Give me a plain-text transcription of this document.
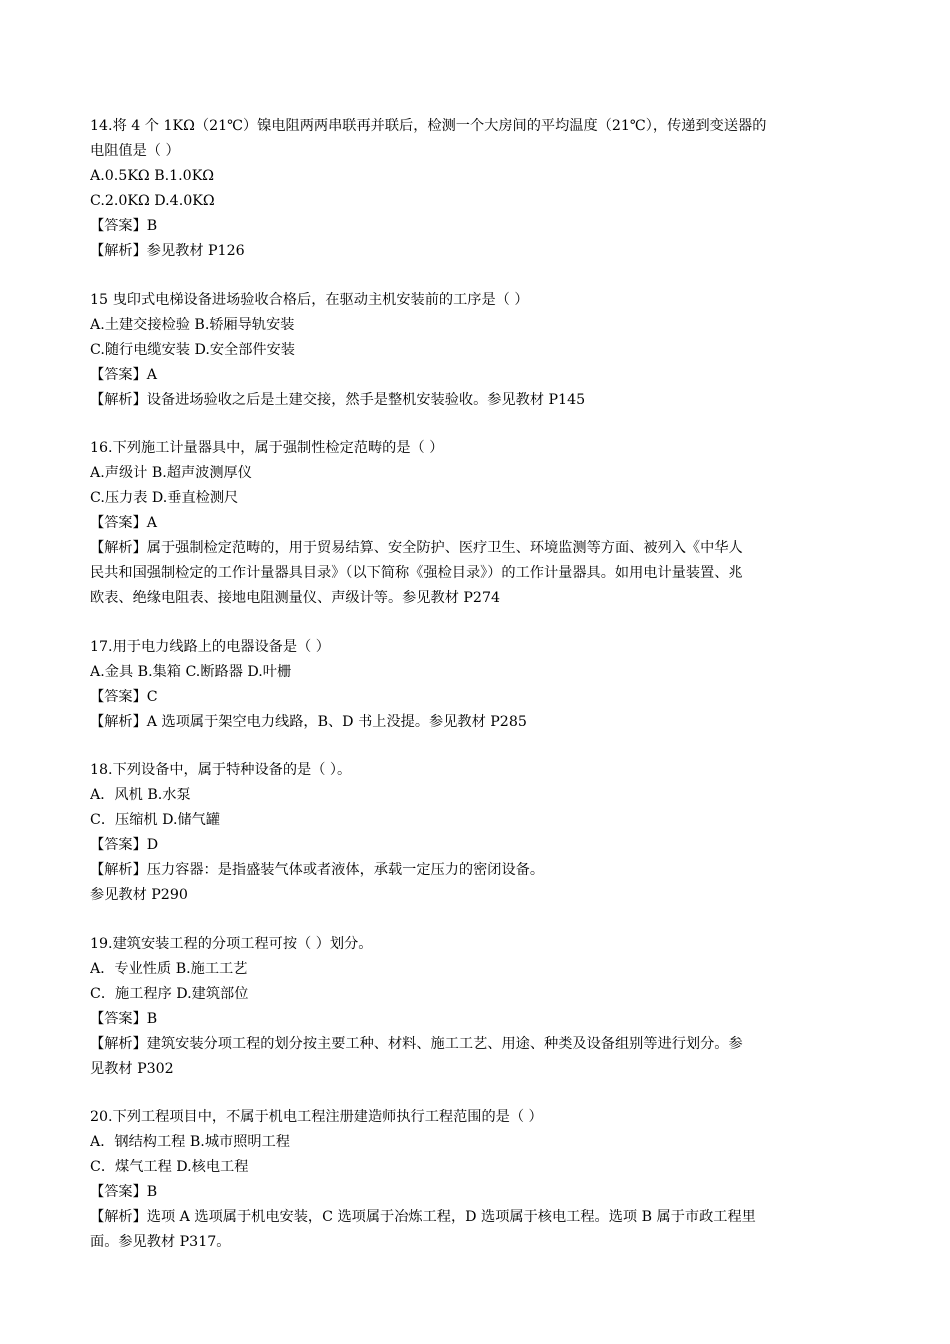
14.将 4 个 1KΩ（21℃）镍电阻两两串联再并联后，检测一个大房间的平均温度（21℃），传递到变送器的
电阻值是（ ）
A.0.5KΩ B.1.0KΩ
C.2.0KΩ D.4.0KΩ
【答案】B
【解析】参见教材 P126
15 曳印式电梯设备进场验收合格后，在驱动主机安装前的工序是（ ）
A.土建交接检验 B.轿厢导轨安装
C.随行电缆安装 D.安全部件安装
【答案】A
【解析】设备进场验收之后是土建交接，然手是整机安装验收。参见教材 P145
16.下列施工计量器具中，属于强制性检定范畴的是（ ）
A.声级计 B.超声波测厚仪
C.压力表 D.垂直检测尺
【答案】A
【解析】属于强制检定范畴的，用于贸易结算、安全防护、医疗卫生、环境监测等方面、被列入《中华人
民共和国强制检定的工作计量器具目录》（以下简称《强检目录》）的工作计量器具。如用电计量装置、兆
欧表、绝缘电阻表、接地电阻测量仪、声级计等。参见教材 P274
17.用于电力线路上的电器设备是（ ）
A.金具 B.集箱 C.断路器 D.叶栅
【答案】C
【解析】A 选项属于架空电力线路，B、D 书上没提。参见教材 P285
18.下列设备中，属于特种设备的是（ ）。
A．风机 B.水泵
C．压缩机 D.储气罐
【答案】D
【解析】压力容器：是指盛装气体或者液体，承载一定压力的密闭设备。
参见教材 P290
19.建筑安装工程的分项工程可按（ ）划分。
A．专业性质 B.施工工艺
C．施工程序 D.建筑部位
【答案】B
【解析】建筑安装分项工程的划分按主要工种、材料、施工工艺、用途、种类及设备组别等进行划分。参
见教材 P302
20.下列工程项目中，不属于机电工程注册建造师执行工程范围的是（ ）
A．钢结构工程 B.城市照明工程
C．煤气工程 D.核电工程
【答案】B
【解析】选项 A 选项属于机电安装，C 选项属于冶炼工程，D 选项属于核电工程。选项 B 属于市政工程里
面。参见教材 P317。
